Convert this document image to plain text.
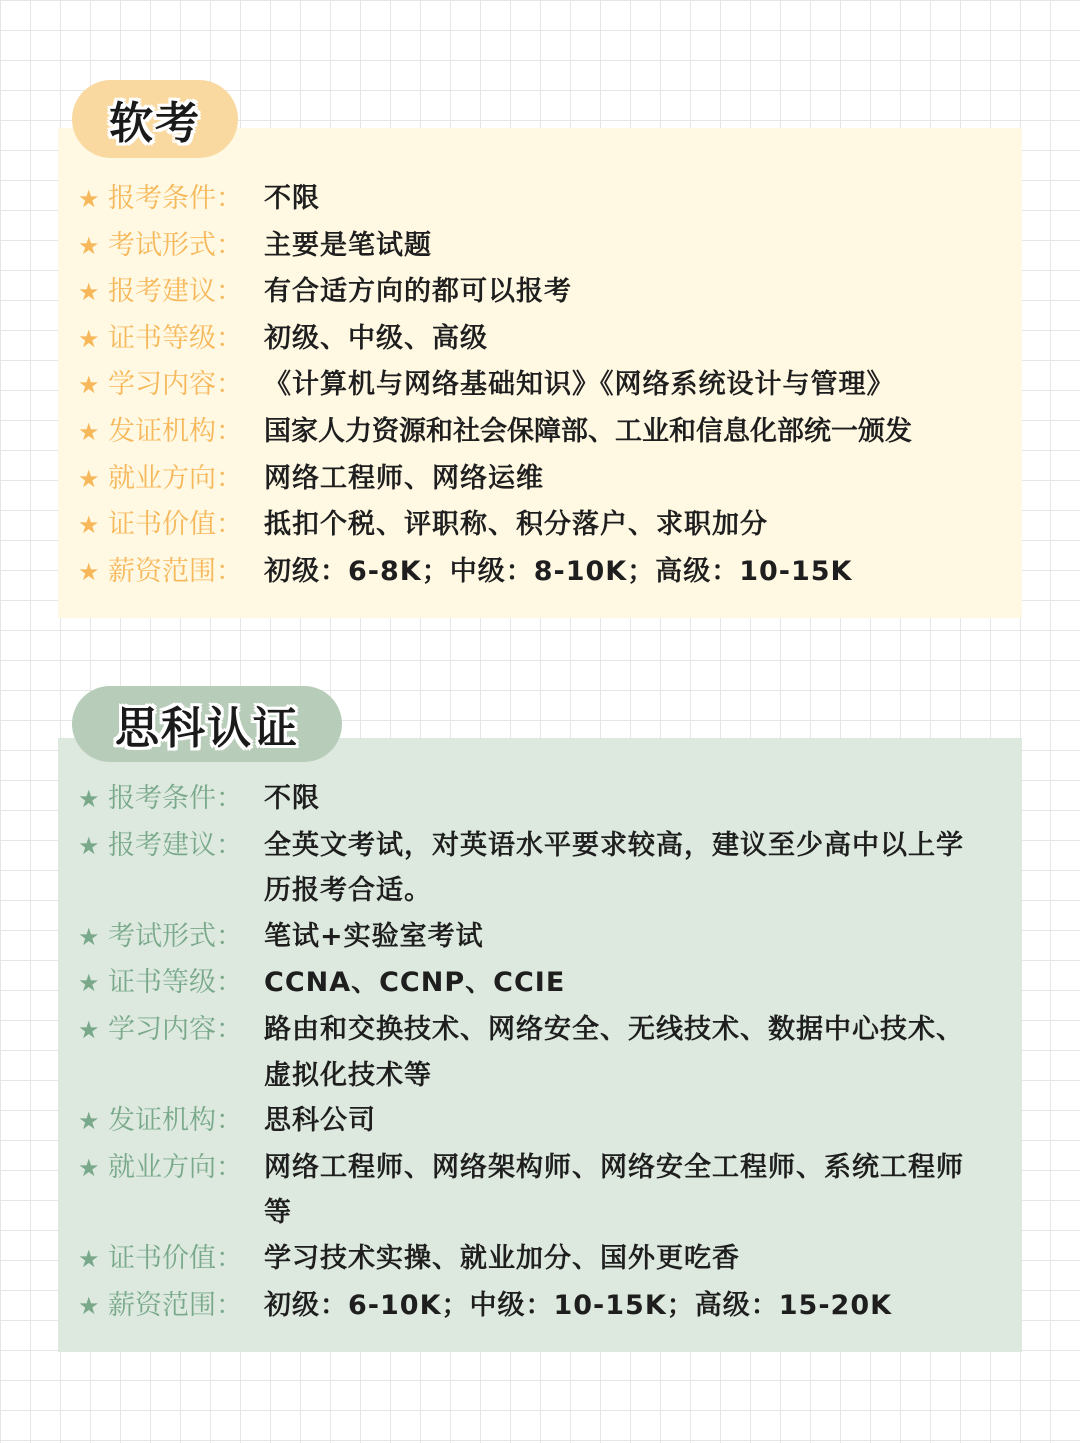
软考
思科认证
★ 报考条件： 不限
★ 考试形式： 主要是笔试题
★ 报考建议： 有合适方向的都可以报考
★ 证书等级： 初级、中级、高级
★ 学习内容： 《计算机与网络基础知识》《网络系统设计与管理》
★ 发证机构： 国家人力资源和社会保障部、工业和信息化部统一颁发
★ 就业方向： 网络工程师、网络运维
★ 证书价值： 抵扣个税、评职称、积分落户、求职加分
★ 薪资范围： 初级：6-8K；中级：8-10K；高级：10-15K
★ 报考条件： 不限
★ 报考建议： 全英文考试，对英语水平要求较高，建议至少高中以上学历报考合适。
★ 考试形式： 笔试+实验室考试
★ 证书等级： CCNA、CCNP、CCIE
★ 学习内容： 路由和交换技术、网络安全、无线技术、数据中心技术、虚拟化技术等
★ 发证机构： 思科公司
★ 就业方向： 网络工程师、网络架构师、网络安全工程师、系统工程师等
★ 证书价值： 学习技术实操、就业加分、国外更吃香
★ 薪资范围： 初级：6-10K；中级：10-15K；高级：15-20K
